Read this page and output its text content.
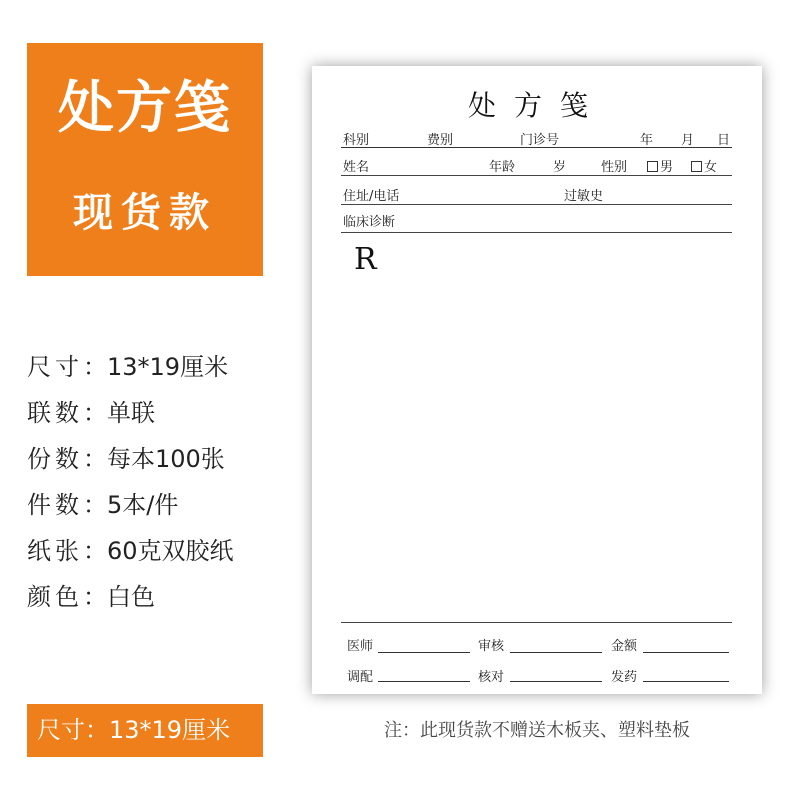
处方笺
现货款
尺寸：13*19厘米
联数：单联
份数：每本100张
件数：5本/件
纸张：60克双胶纸
颜色：白色
尺寸：13*19厘米	注：此现货款不赠送木板夹、塑料垫板
处方笺
科别	费别	门诊号	年 月 日
姓名	年龄	岁	性别	男	女
住址/电话	过敏史
临床诊断
R
医师	审核	金额
调配	核对	发药
